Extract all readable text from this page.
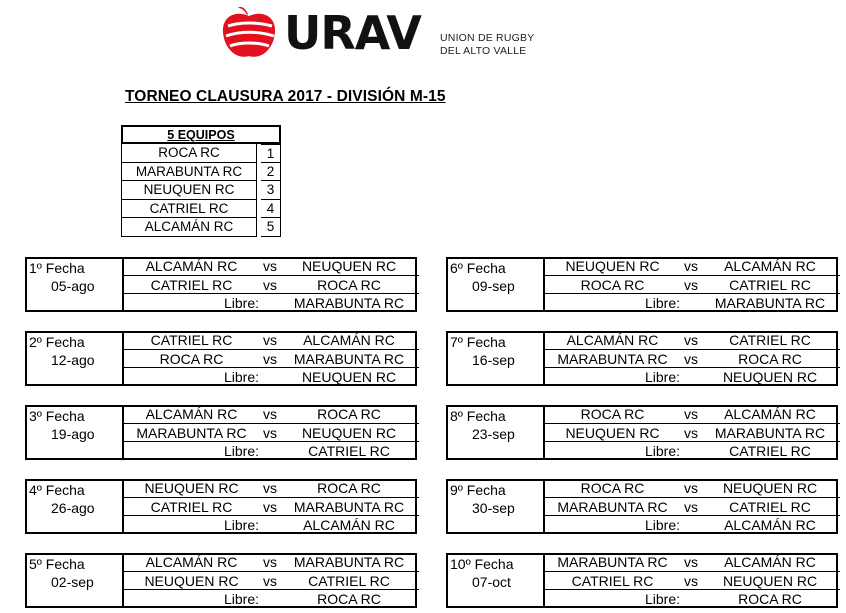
URAV UNION DE RUGBY
DEL ALTO VALLE
TORNEO CLAUSURA 2017 - DIVISIÓN M-15
5 EQUIPOS
ROCA RC	1
MARABUNTA RC	2
NEUQUEN RC	3
CATRIEL RC	4
ALCAMÁN RC	5
1º Fecha
05-ago
ALCAMÁN RC	vs	NEUQUEN RC
CATRIEL RC	vs	ROCA RC
Libre:	MARABUNTA RC
2º Fecha
12-ago
CATRIEL RC	vs	ALCAMÁN RC
ROCA RC	vs	MARABUNTA RC
Libre:	NEUQUEN RC
3º Fecha
19-ago
ALCAMÁN RC	vs	ROCA RC
MARABUNTA RC	vs	NEUQUEN RC
Libre:	CATRIEL RC
4º Fecha
26-ago
NEUQUEN RC	vs	ROCA RC
CATRIEL RC	vs	MARABUNTA RC
Libre:	ALCAMÁN RC
5º Fecha
02-sep
ALCAMÁN RC	vs	MARABUNTA RC
NEUQUEN RC	vs	CATRIEL RC
Libre:	ROCA RC
6º Fecha
09-sep
NEUQUEN RC	vs	ALCAMÁN RC
ROCA RC	vs	CATRIEL RC
Libre:	MARABUNTA RC
7º Fecha
16-sep
ALCAMÁN RC	vs	CATRIEL RC
MARABUNTA RC	vs	ROCA RC
Libre:	NEUQUEN RC
8º Fecha
23-sep
ROCA RC	vs	ALCAMÁN RC
NEUQUEN RC	vs	MARABUNTA RC
Libre:	CATRIEL RC
9º Fecha
30-sep
ROCA RC	vs	NEUQUEN RC
MARABUNTA RC	vs	CATRIEL RC
Libre:	ALCAMÁN RC
10º Fecha
07-oct
MARABUNTA RC	vs	ALCAMÁN RC
CATRIEL RC	vs	NEUQUEN RC
Libre:	ROCA RC
